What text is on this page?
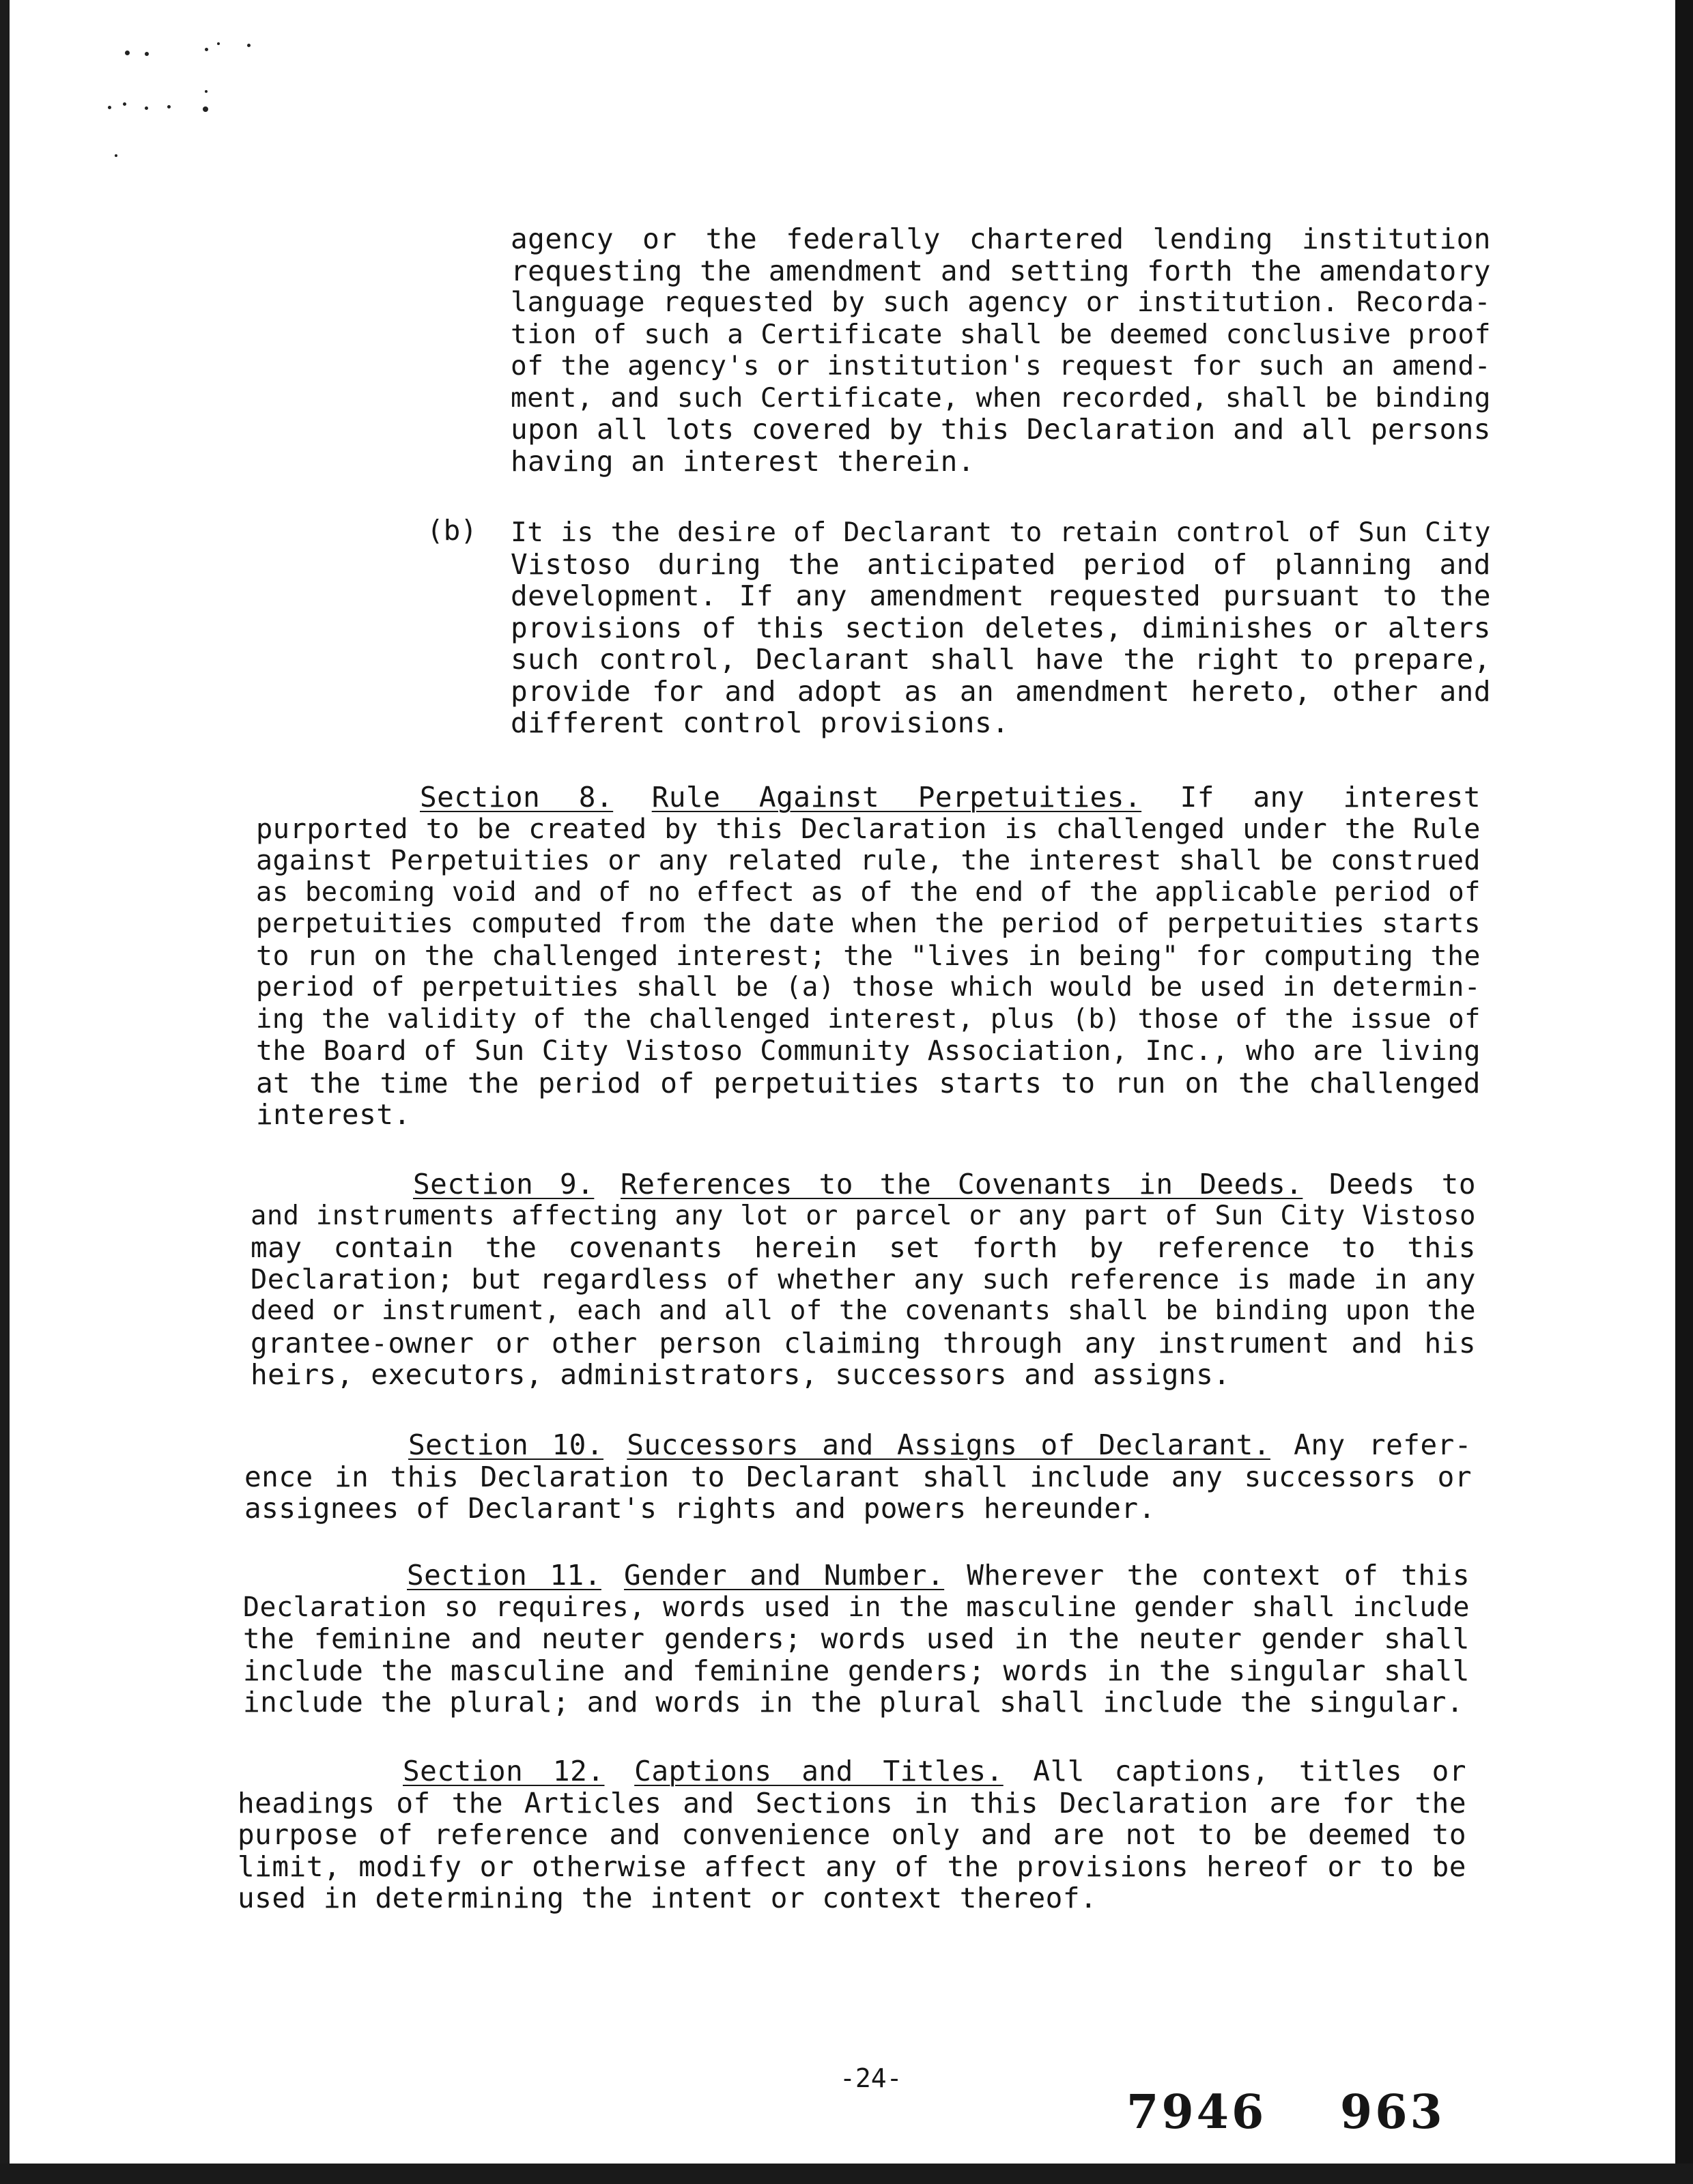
agency or the federally chartered lending institution
requesting the amendment and setting forth the amendatory
language requested by such agency or institution. Recorda-
tion of such a Certificate shall be deemed conclusive proof
of the agency's or institution's request for such an amend-
ment, and such Certificate, when recorded, shall be binding
upon all lots covered by this Declaration and all persons
having an interest therein.
(b) It is the desire of Declarant to retain control of Sun City
Vistoso during the anticipated period of planning and
development. If any amendment requested pursuant to the
provisions of this section deletes, diminishes or alters
such control, Declarant shall have the right to prepare,
provide for and adopt as an amendment hereto, other and
different control provisions.
Section 8. Rule Against Perpetuities. If any interest
purported to be created by this Declaration is challenged under the Rule
against Perpetuities or any related rule, the interest shall be construed
as becoming void and of no effect as of the end of the applicable period of
perpetuities computed from the date when the period of perpetuities starts
to run on the challenged interest; the "lives in being" for computing the
period of perpetuities shall be (a) those which would be used in determin-
ing the validity of the challenged interest, plus (b) those of the issue of
the Board of Sun City Vistoso Community Association, Inc., who are living
at the time the period of perpetuities starts to run on the challenged
interest.
Section 9. References to the Covenants in Deeds. Deeds to
and instruments affecting any lot or parcel or any part of Sun City Vistoso
may contain the covenants herein set forth by reference to this
Declaration; but regardless of whether any such reference is made in any
deed or instrument, each and all of the covenants shall be binding upon the
grantee-owner or other person claiming through any instrument and his
heirs, executors, administrators, successors and assigns.
Section 10. Successors and Assigns of Declarant. Any refer-
ence in this Declaration to Declarant shall include any successors or
assignees of Declarant's rights and powers hereunder.
Section 11. Gender and Number. Wherever the context of this
Declaration so requires, words used in the masculine gender shall include
the feminine and neuter genders; words used in the neuter gender shall
include the masculine and feminine genders; words in the singular shall
include the plural; and words in the plural shall include the singular.
Section 12. Captions and Titles. All captions, titles or
headings of the Articles and Sections in this Declaration are for the
purpose of reference and convenience only and are not to be deemed to
limit, modify or otherwise affect any of the provisions hereof or to be
used in determining the intent or context thereof.
-24-
7946 963
